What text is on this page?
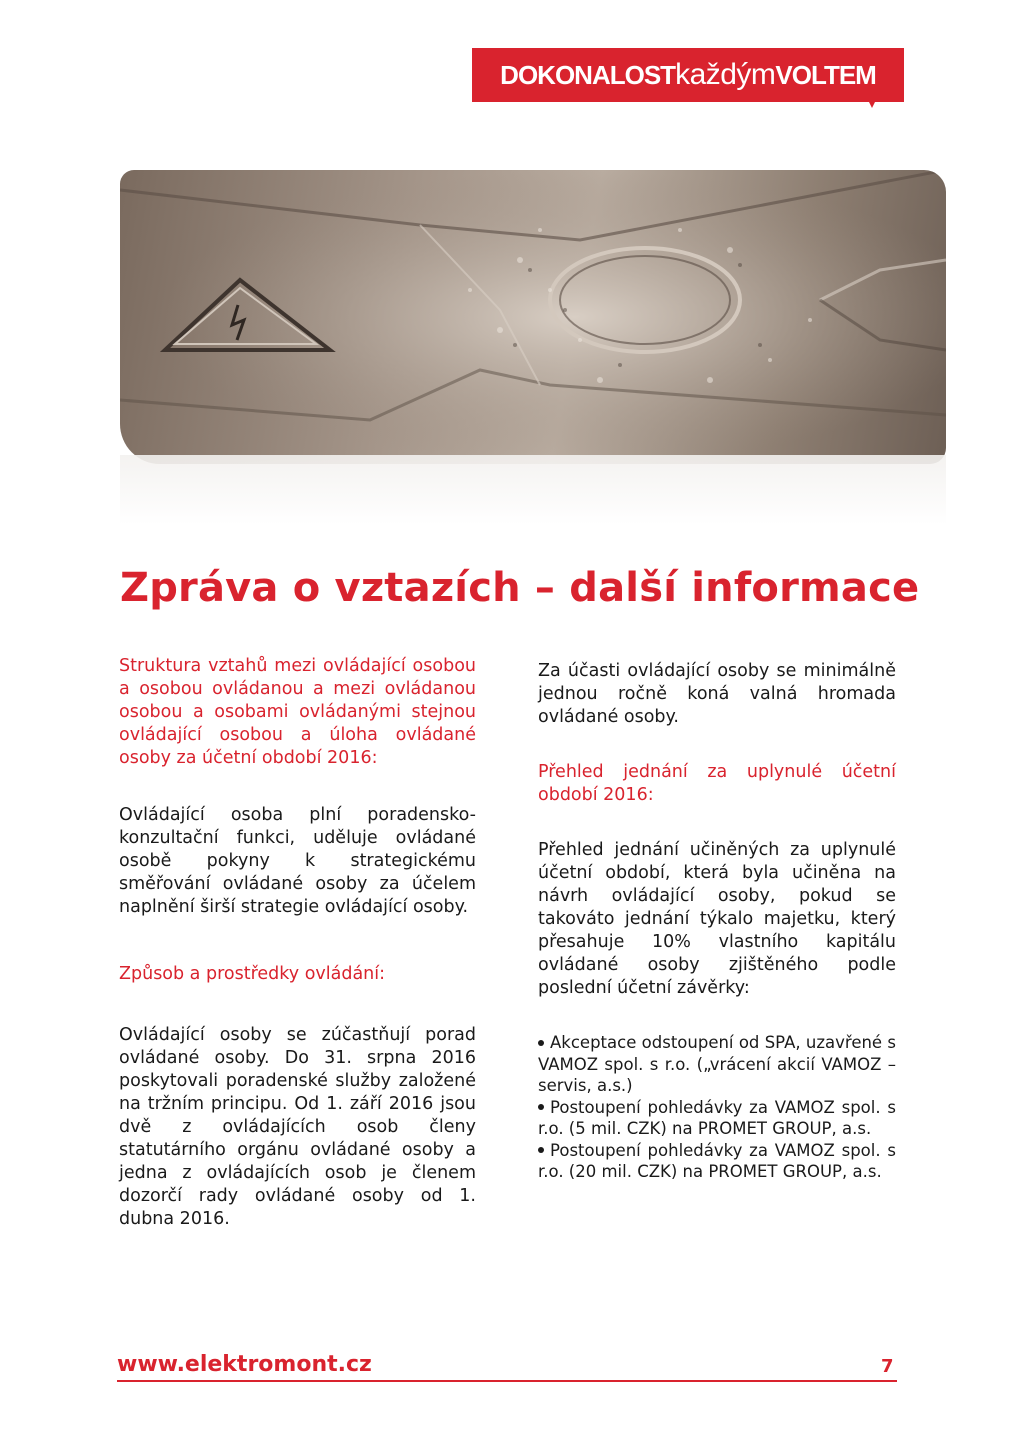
DOKONALOST každým VOLTEM
Zpráva o vztazích – další informace

Struktura vztahů mezi ovládající osobou a osobou ovládanou a mezi ovládanou osobou a osobami ovládanými stejnou ovládající osobou a úloha ovládané osoby za účetní období 2016:

Ovládající osoba plní poradensko-konzultační funkci, uděluje ovládané osobě pokyny k strategickému směřování ovládané osoby za účelem naplnění širší strategie ovládající osoby.

Způsob a prostředky ovládání:

Ovládající osoby se zúčastňují porad ovládané osoby. Do 31. srpna 2016 poskytovali poradenské služby založené na tržním principu. Od 1. září 2016 jsou dvě z ovládajících osob členy statutárního orgánu ovládané osoby a jedna z ovládajících osob je členem dozorčí rady ovládané osoby od 1. dubna 2016.

Za účasti ovládající osoby se minimálně jednou ročně koná valná hromada ovládané osoby.

Přehled jednání za uplynulé účetní období 2016:

Přehled jednání učiněných za uplynulé účetní období, která byla učiněna na návrh ovládající osoby, pokud se takováto jednání týkalo majetku, který přesahuje 10% vlastního kapitálu ovládané osoby zjištěného podle poslední účetní závěrky:

Akceptace odstoupení od SPA, uzavřené s VAMOZ spol. s r.o. („vrácení akcií VAMOZ – servis, a.s.)
Postoupení pohledávky za VAMOZ spol. s r.o. (5 mil. CZK) na PROMET GROUP, a.s.
Postoupení pohledávky za VAMOZ spol. s r.o. (20 mil. CZK) na PROMET GROUP, a.s.
www.elektromont.cz	7
